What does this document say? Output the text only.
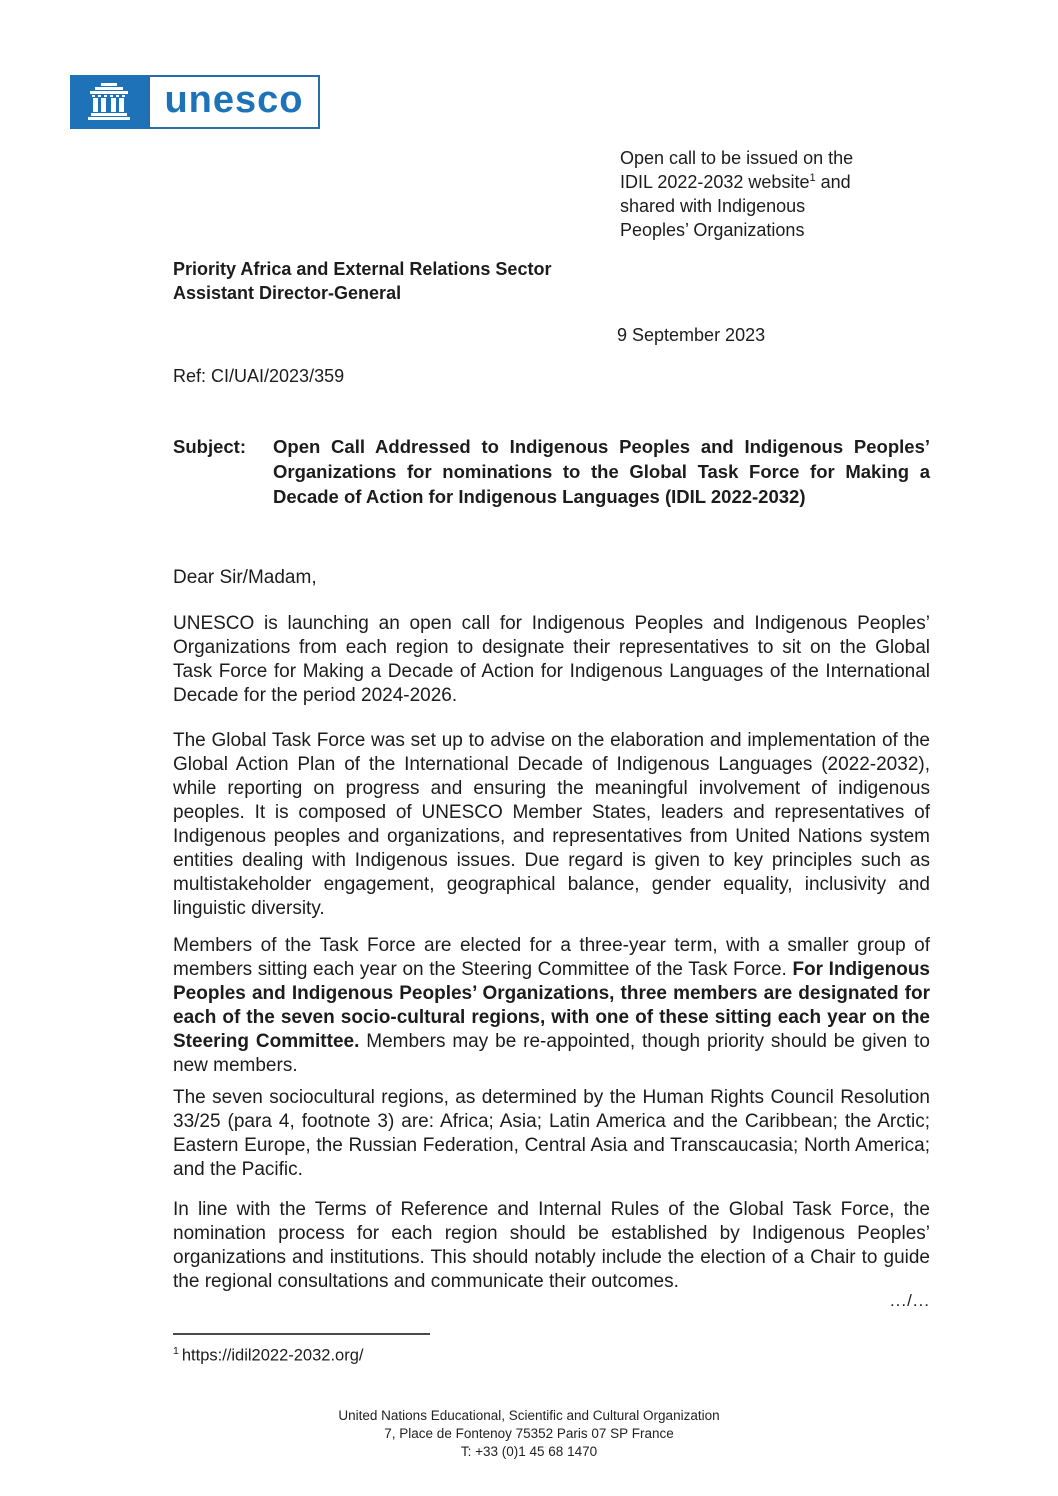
unesco
Open call to be issued on the
IDIL 2022-2032 website$^1$ and
shared with Indigenous
Peoples’ Organizations
Priority Africa and External Relations Sector
Assistant Director-General
9 September 2023
Ref: CI/UAI/2023/359
Subject:	Open Call Addressed to Indigenous Peoples and Indigenous Peoples’ Organizations for nominations to the Global Task Force for Making a Decade of Action for Indigenous Languages (IDIL 2022-2032)
Dear Sir/Madam,

UNESCO is launching an open call for Indigenous Peoples and Indigenous Peoples’ Organizations from each region to designate their representatives to sit on the Global Task Force for Making a Decade of Action for Indigenous Languages of the International Decade for the period 2024-2026.

The Global Task Force was set up to advise on the elaboration and implementation of the Global Action Plan of the International Decade of Indigenous Languages (2022-2032), while reporting on progress and ensuring the meaningful involvement of indigenous peoples. It is composed of UNESCO Member States, leaders and representatives of Indigenous peoples and organizations, and representatives from United Nations system entities dealing with Indigenous issues. Due regard is given to key principles such as multistakeholder engagement, geographical balance, gender equality, inclusivity and linguistic diversity.

Members of the Task Force are elected for a three-year term, with a smaller group of members sitting each year on the Steering Committee of the Task Force. For Indigenous Peoples and Indigenous Peoples’ Organizations, three members are designated for each of the seven socio-cultural regions, with one of these sitting each year on the Steering Committee. Members may be re-appointed, though priority should be given to new members.

The seven sociocultural regions, as determined by the Human Rights Council Resolution 33/25 (para 4, footnote 3) are: Africa; Asia; Latin America and the Caribbean; the Arctic; Eastern Europe, the Russian Federation, Central Asia and Transcaucasia; North America; and the Pacific.

In line with the Terms of Reference and Internal Rules of the Global Task Force, the nomination process for each region should be established by Indigenous Peoples’ organizations and institutions. This should notably include the election of a Chair to guide the regional consultations and communicate their outcomes.

.../...
$^1$ https://idil2022-2032.org/
United Nations Educational, Scientific and Cultural Organization
7, Place de Fontenoy 75352 Paris 07 SP France
T: +33 (0)1 45 68 1470
